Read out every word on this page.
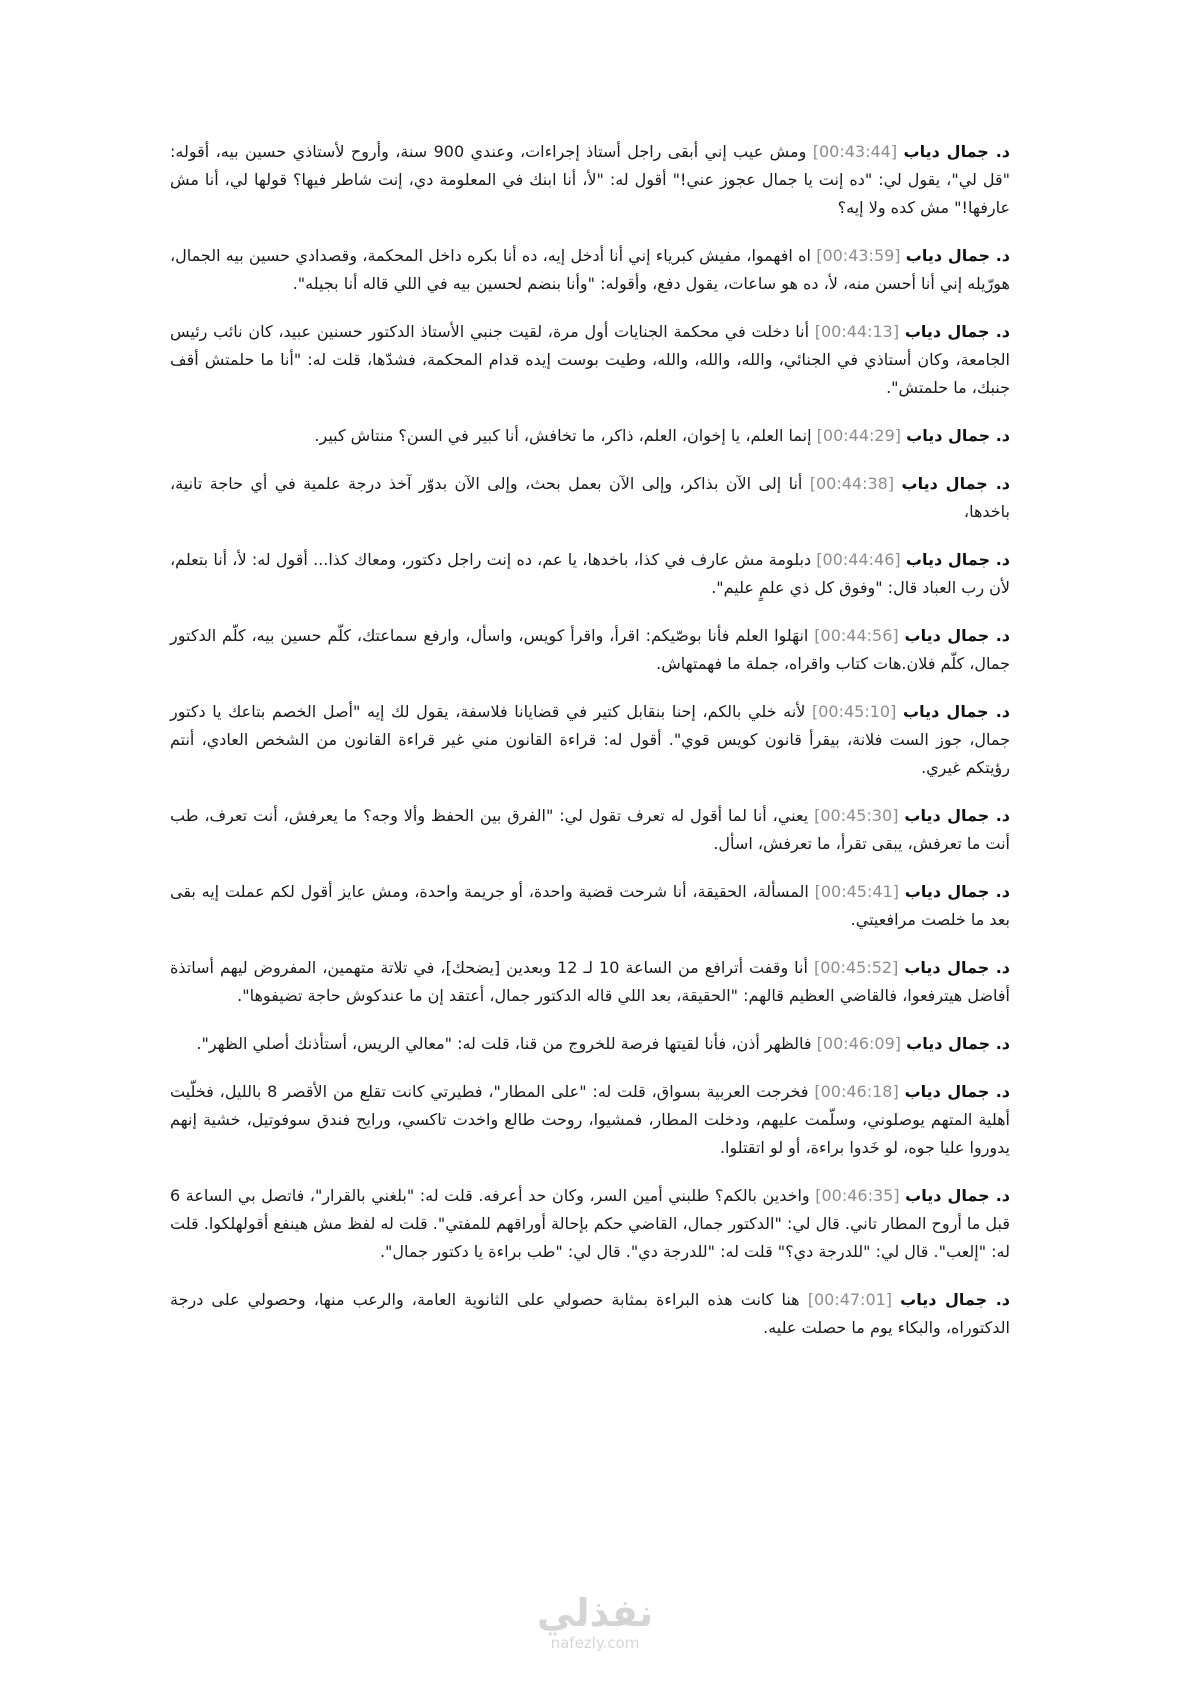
د. جمال دياب [00:43:44] ومش عيب إني أبقى راجل أستاذ إجراءات، وعندي 900 سنة، وأروح لأستاذي حسين بيه، أقوله: "قل لي"، يقول لي: "ده إنت يا جمال عجوز عني!" أقول له: "لأ، أنا ابنك في المعلومة دي، إنت شاطر فيها؟ قولها لي، أنا مش عارفها!" مش كده ولا إيه؟

د. جمال دياب [00:43:59] اه افهموا، مفيش كبرياء إني أنا أدخل إيه، ده أنا بكره داخل المحكمة، وقصدادي حسين بيه الجمال، هورّيله إني أنا أحسن منه، لأ، ده هو ساعات، يقول دفع، وأقوله: "وأنا بنضم لحسين بيه في اللي قاله أنا بجيله".

د. جمال دياب [00:44:13] أنا دخلت في محكمة الجنايات أول مرة، لقيت جنبي الأستاذ الدكتور حسنين عبيد، كان نائب رئيس الجامعة، وكان أستاذي في الجنائي، والله، والله، والله، وطيت بوست إيده قدام المحكمة، فشدّها، قلت له: "أنا ما حلمتش أقف جنبك، ما حلمتش".

د. جمال دياب [00:44:29] إنما العلم، يا إخوان، العلم، ذاكر، ما تخافش، أنا كبير في السن؟ منتاش كبير.

د. جمال دياب [00:44:38] أنا إلى الآن بذاكر، وإلى الآن بعمل بحث، وإلى الآن بدوّر آخذ درجة علمية في أي حاجة تانية، باخدها،

د. جمال دياب [00:44:46] دبلومة مش عارف في كذا، باخدها، يا عم، ده إنت راجل دكتور، ومعاك كذا... أقول له: لأ، أنا بتعلم، لأن رب العباد قال: "وفوق كل ذي علمٍ عليم".

د. جمال دياب [00:44:56] انهَلوا العلم فأنا بوصّيكم: اقرأ، واقرأ كويس، واسأل، وارفع سماعتك، كلّم حسين بيه، كلّم الدكتور جمال، كلّم فلان.هات كتاب واقراه، جملة ما فهمتهاش.

د. جمال دياب [00:45:10] لأنه خلي بالكم، إحنا بنقابل كتير في قضايانا فلاسفة، يقول لك إيه "أصل الخصم بتاعك يا دكتور جمال، جوز الست فلانة، بيقرأ قانون كويس قوي". أقول له: قراءة القانون مني غير قراءة القانون من الشخص العادي، أنتم رؤيتكم غيري.

د. جمال دياب [00:45:30] يعني، أنا لما أقول له تعرف تقول لي: "الفرق بين الحفظ وألا وجه؟ ما يعرفش، أنت تعرف، طب أنت ما تعرفش، يبقى تقرأ، ما تعرفش، اسأل.

د. جمال دياب [00:45:41] المسألة، الحقيقة، أنا شرحت قضية واحدة، أو جريمة واحدة، ومش عايز أقول لكم عملت إيه بقى بعد ما خلصت مرافعيتي.

د. جمال دياب [00:45:52] أنا وقفت أترافع من الساعة 10 لـ 12 وبعدين [يضحك]، في تلاتة متهمين، المفروض ليهم أساتذة أفاضل هيترفعوا، فالقاضي العظيم قالهم: "الحقيقة، بعد اللي قاله الدكتور جمال، أعتقد إن ما عندكوش حاجة تضيفوها".

د. جمال دياب [00:46:09] فالظهر أذن، فأنا لقيتها فرصة للخروج من قنا، قلت له: "معالي الريس، أستأذنك أصلي الظهر".

د. جمال دياب [00:46:18] فخرجت العربية بسواق، قلت له: "على المطار"، فطيرتي كانت تقلع من الأقصر 8 بالليل، فخلّيت أهلية المتهم يوصلوني، وسلّمت عليهم، ودخلت المطار، فمشيوا، روحت طالع واخدت تاكسي، ورايح فندق سوفوتيل، خشية إنهم يدوروا عليا جوه، لو خَدوا براءة، أو لو اتقتلوا.

د. جمال دياب [00:46:35] واخدين بالكم؟ طلبني أمين السر، وكان حد أعرفه. قلت له: "بلغني بالقرار"، فاتصل بي الساعة 6 قبل ما أروح المطار تاني. قال لي: "الدكتور جمال، القاضي حكم بإحالة أوراقهم للمفتي". قلت له لفظ مش هينفع أقولهلكوا. قلت له: "إلعب". قال لي: "للدرجة دي؟" قلت له: "للدرجة دي". قال لي: "طب براءة يا دكتور جمال".

د. جمال دياب [00:47:01] هنا كانت هذه البراءة بمثابة حصولي على الثانوية العامة، والرعب منها، وحصولي على درجة الدكتوراه، والبكاء يوم ما حصلت عليه.

نفذلي
nafezly.com
